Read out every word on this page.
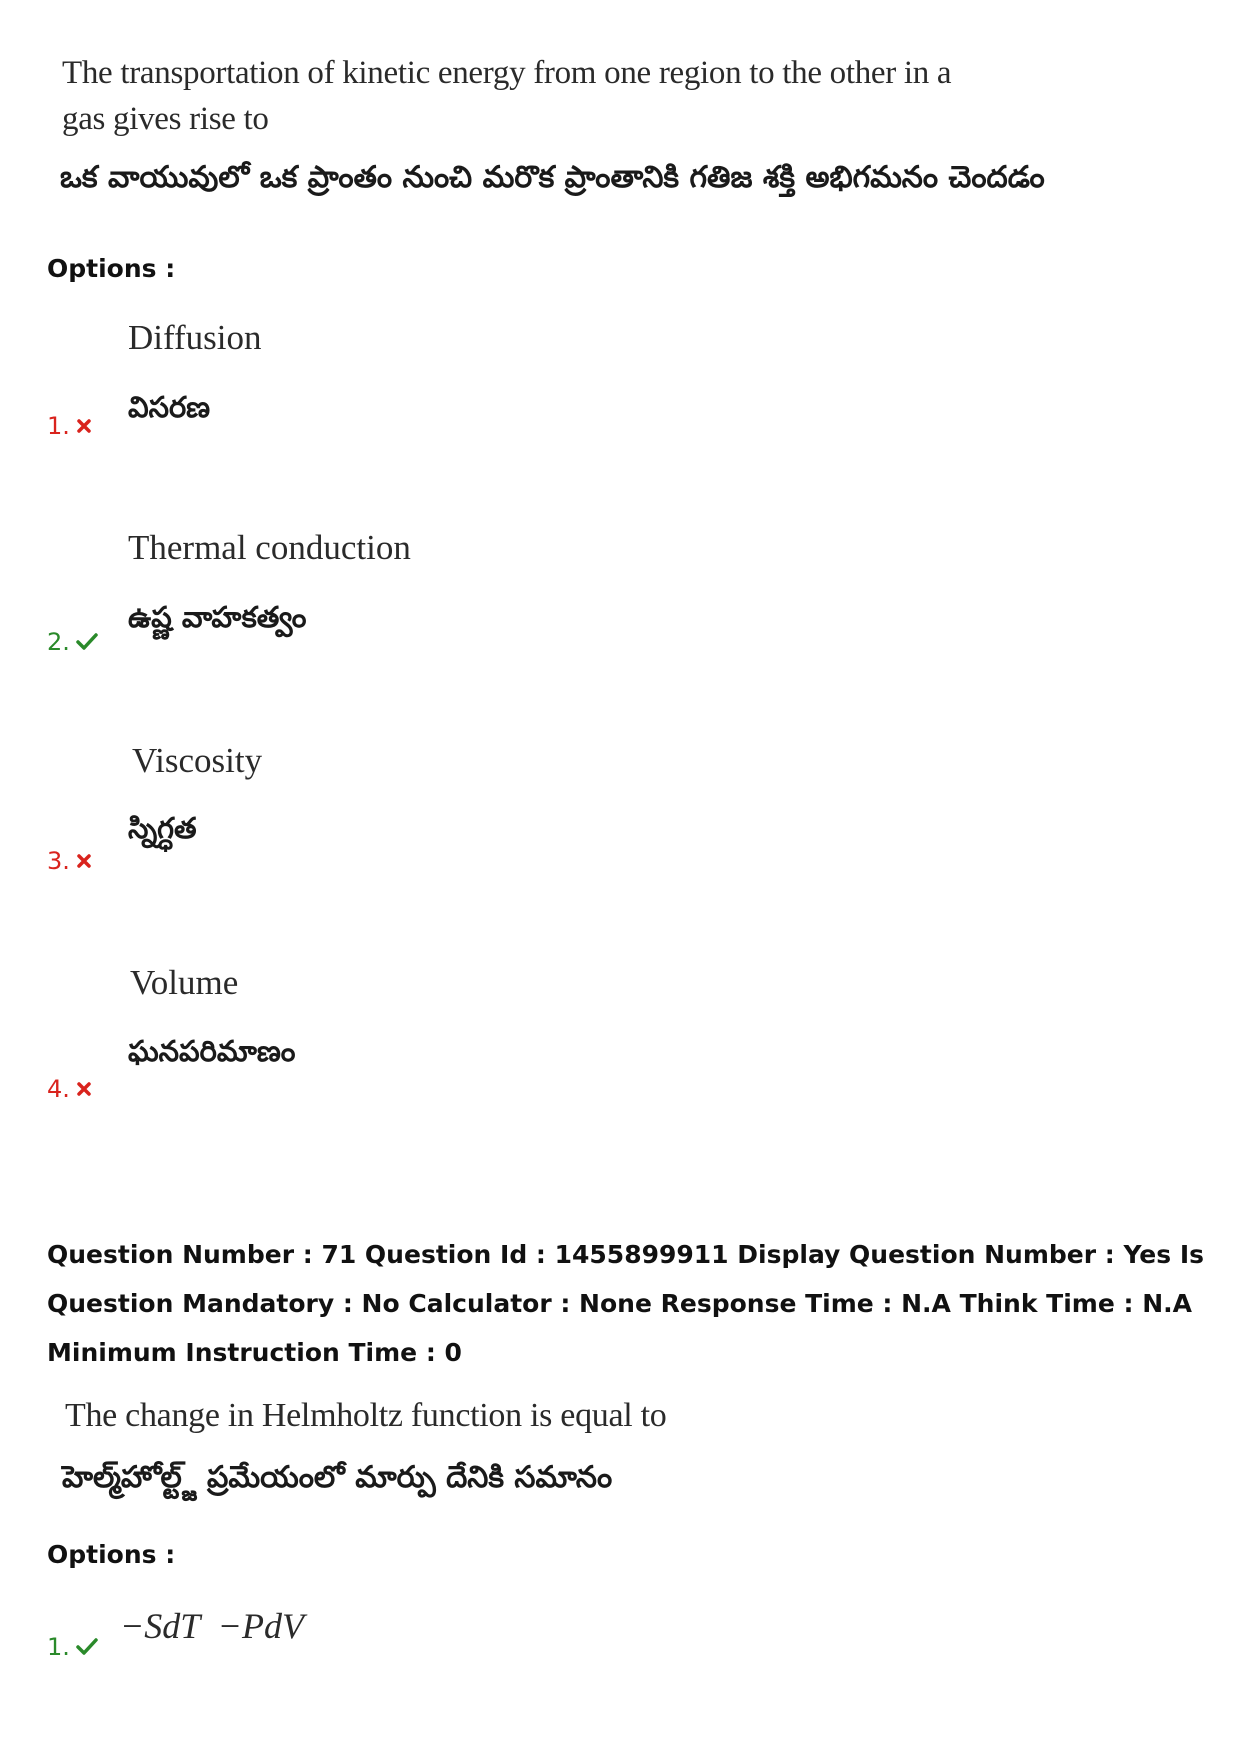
The transportation of kinetic energy from one region to the other in a gas gives rise to
ఒక వాయువులో ఒక ప్రాంతం నుంచి మరొక ప్రాంతానికి గతిజ శక్తి అభిగమనం చెందడం
Options :
Diffusion
విసరణ
1.
Thermal conduction
ఉష్ణ వాహకత్వం
2.
Viscosity
స్నిగ్ధత
3.
Volume
ఘనపరిమాణం
4.
Question Number : 71 Question Id : 1455899911 Display Question Number : Yes Is Question Mandatory : No Calculator : None Response Time : N.A Think Time : N.A Minimum Instruction Time : 0
The change in Helmholtz function is equal to
హెల్మ్‌హోల్ట్జ్ ప్రమేయంలో మార్పు దేనికి సమానం
Options :
−SdT  −PdV
1.
